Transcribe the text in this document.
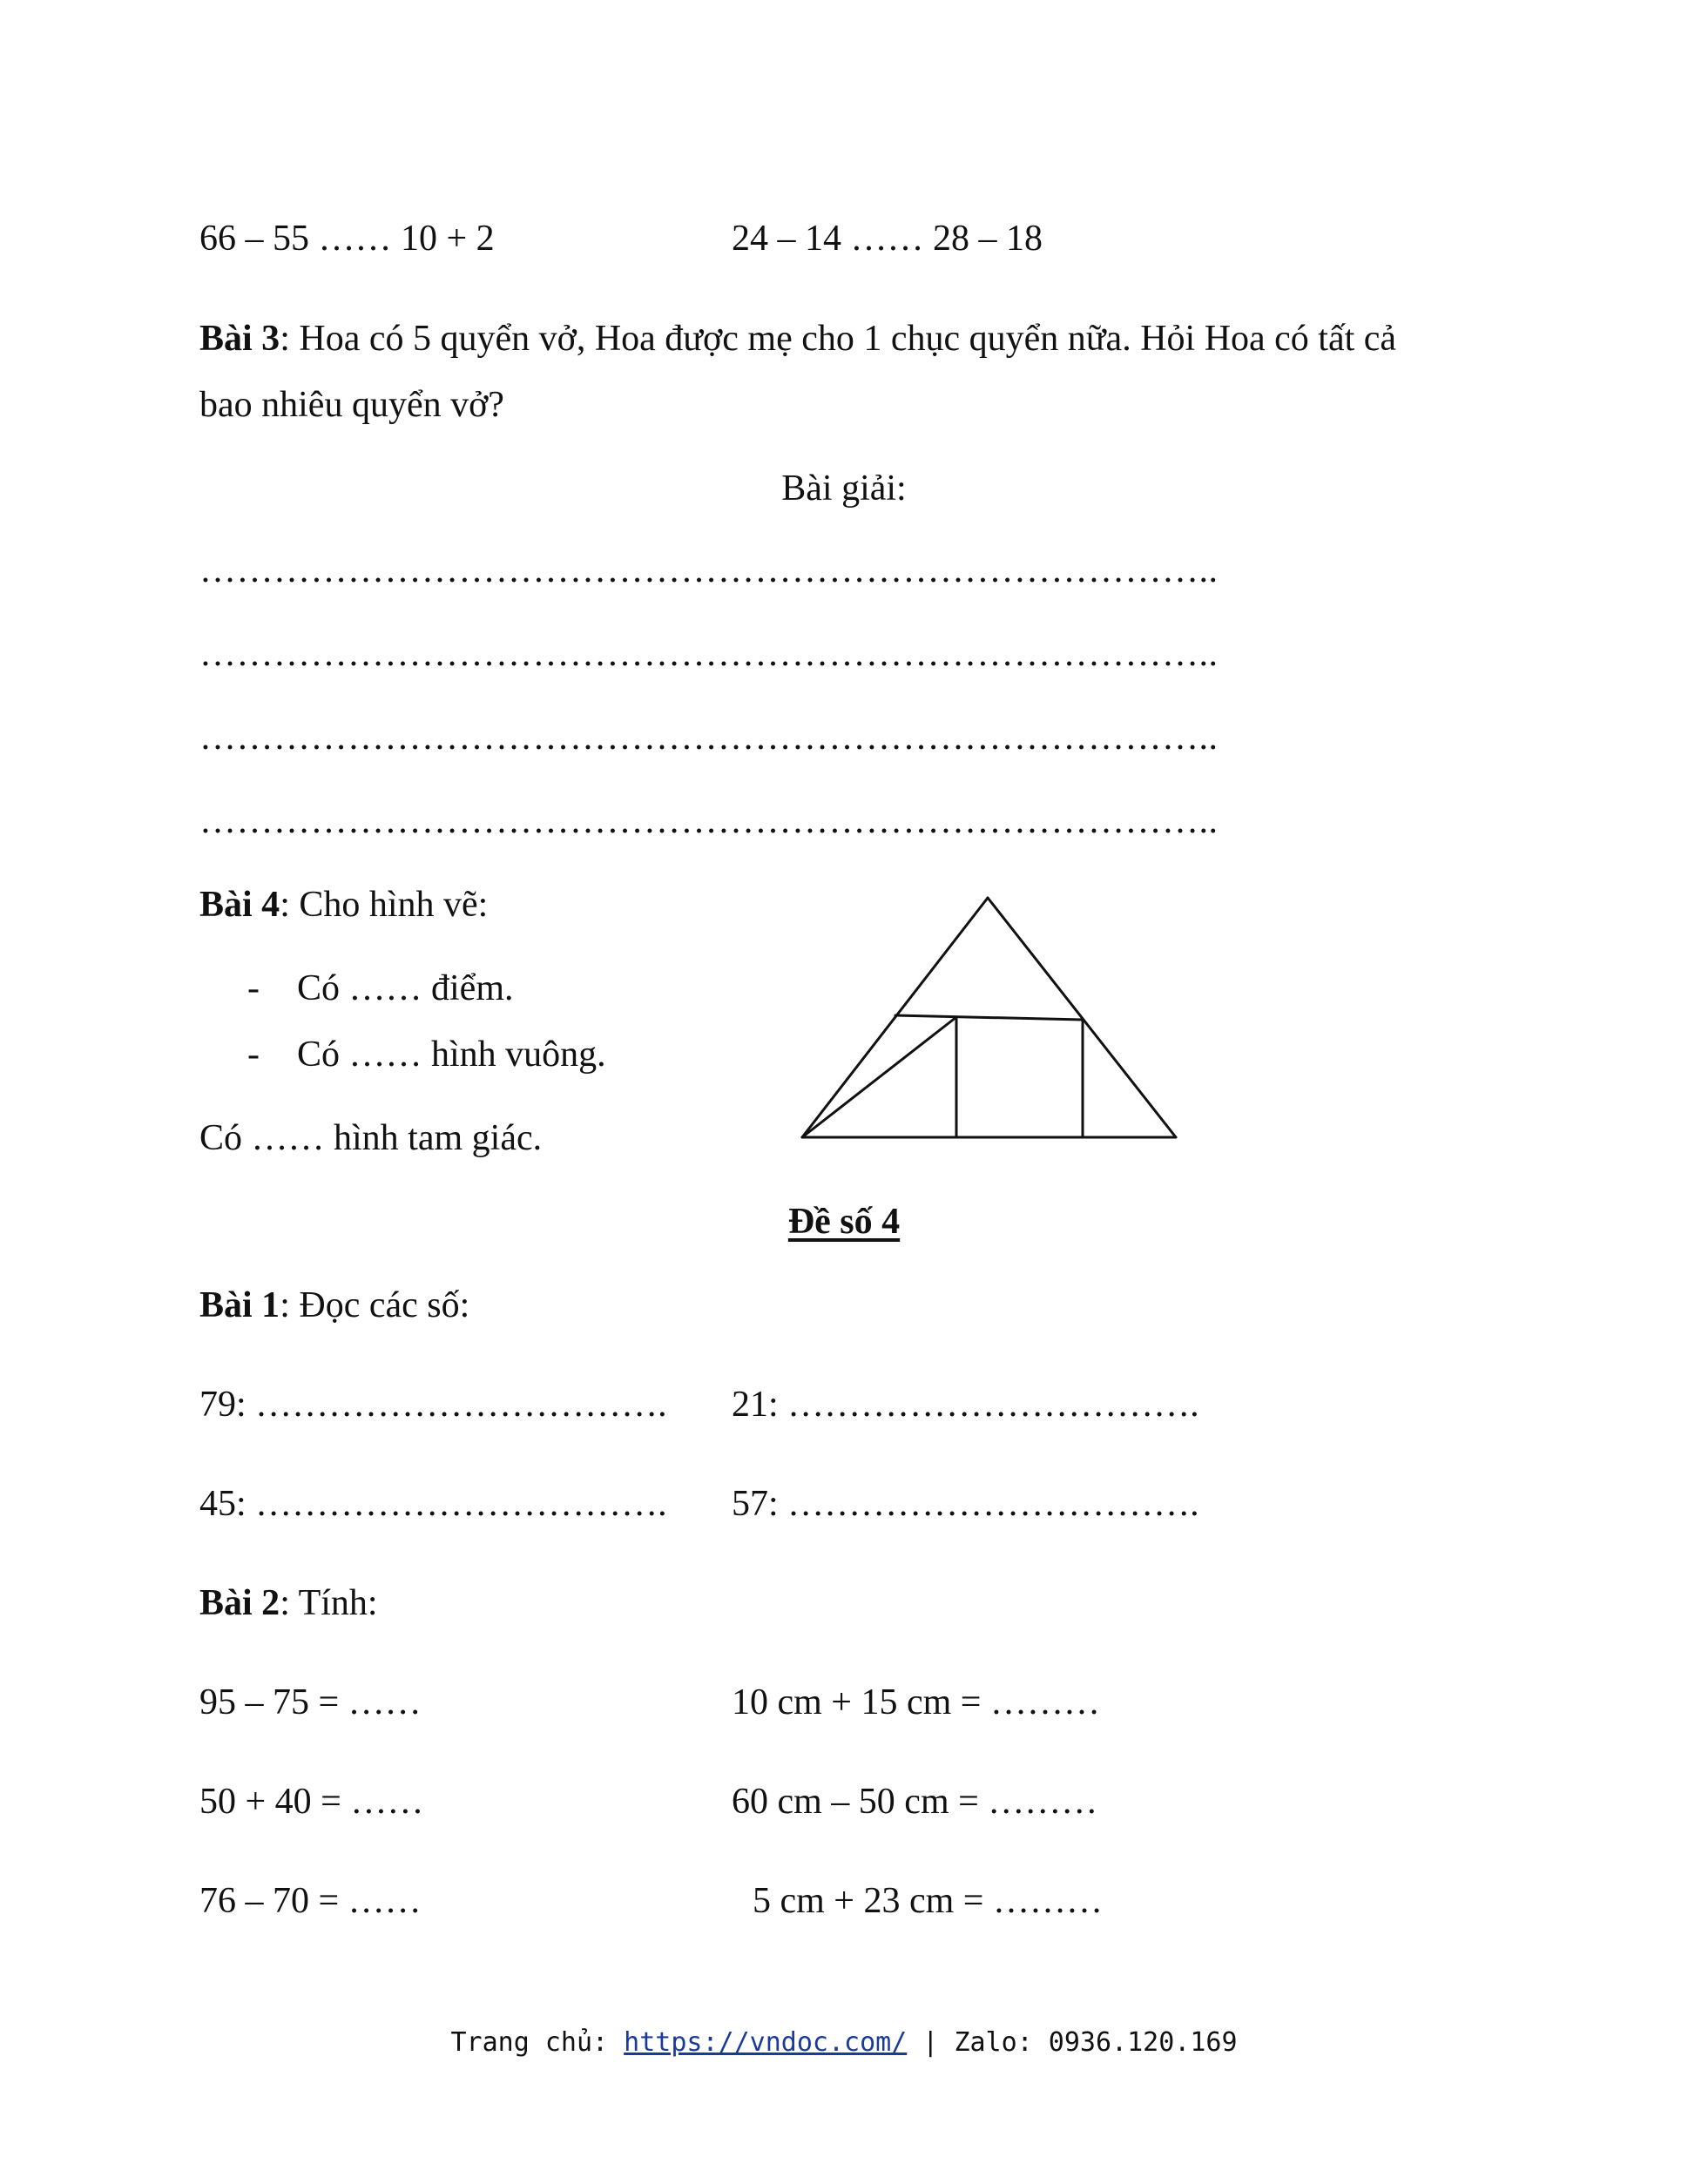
66 – 55 …… 10 + 2	24 – 14 …… 28 – 18
Bài 3: Hoa có 5 quyển vở, Hoa được mẹ cho 1 chục quyển nữa. Hỏi Hoa có tất cả
bao nhiêu quyển vở?
Bài giải:
………………………………………………………………………..
………………………………………………………………………..
………………………………………………………………………..
………………………………………………………………………..
Bài 4: Cho hình vẽ:
- Có …… điểm.
- Có …… hình vuông.
Có …… hình tam giác.
Đề số 4
Bài 1: Đọc các số:
79: ……………………………. 21: …………………………….
45: ……………………………. 57: …………………………….
Bài 2: Tính:
95 – 75 = ……	10 cm + 15 cm = ………
50 + 40 = ……	60 cm – 50 cm = ………
76 – 70 = ……	5 cm + 23 cm = ………
Trang chủ: https://vndoc.com/ | Zalo: 0936.120.169
